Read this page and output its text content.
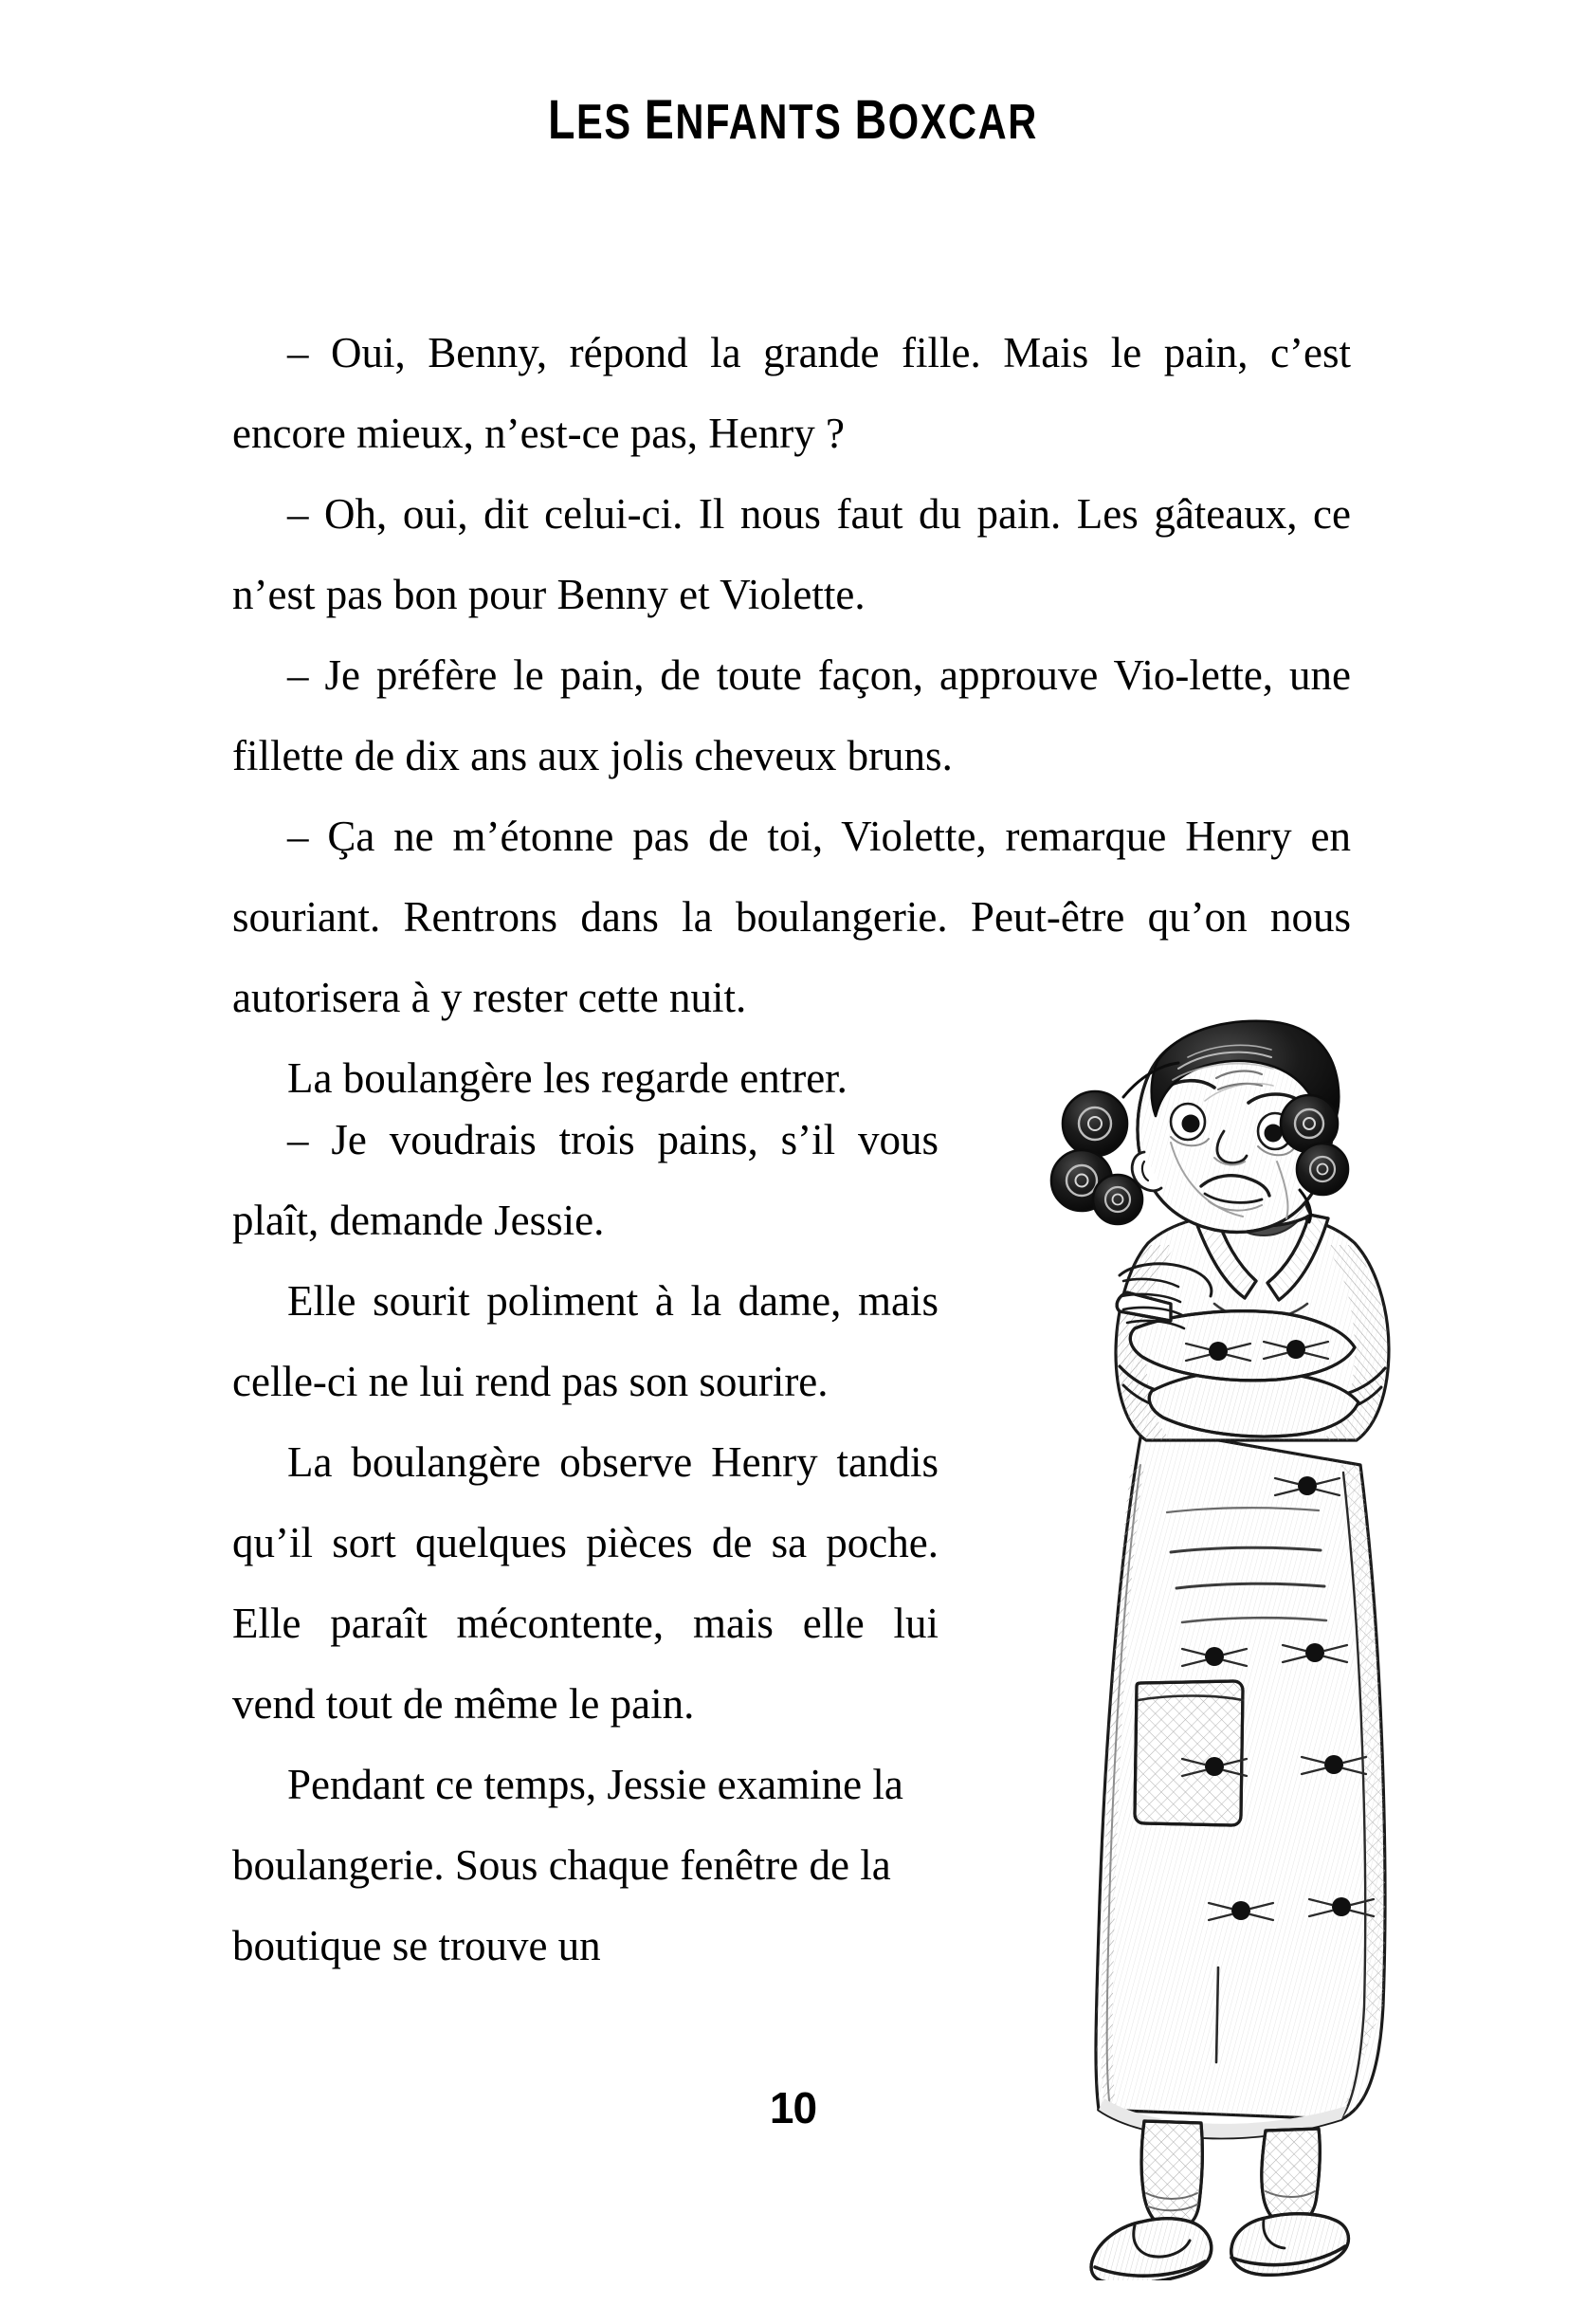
LES ENFANTS BOXCAR

– Oui, Benny, répond la grande fille. Mais le pain, c’est encore mieux, n’est-ce pas, Henry ?

– Oh, oui, dit celui-ci. Il nous faut du pain. Les gâteaux, ce n’est pas bon pour Benny et Violette.

– Je préfère le pain, de toute façon, approuve Vio-lette, une fillette de dix ans aux jolis cheveux bruns.

– Ça ne m’étonne pas de toi, Violette, remarque Henry en souriant. Rentrons dans la boulangerie. Peut-être qu’on nous autorisera à y rester cette nuit.

La boulangère les regarde entrer.

– Je voudrais trois pains, s’il vous plaît, demande Jessie.

Elle sourit poliment à la dame, mais celle-ci ne lui rend pas son sourire.

La boulangère observe Henry tandis qu’il sort quelques pièces de sa poche. Elle paraît mécontente, mais elle lui vend tout de même le pain.

Pendant ce temps, Jessie examine la boulangerie. Sous chaque fenêtre de la boutique se trouve un

10
